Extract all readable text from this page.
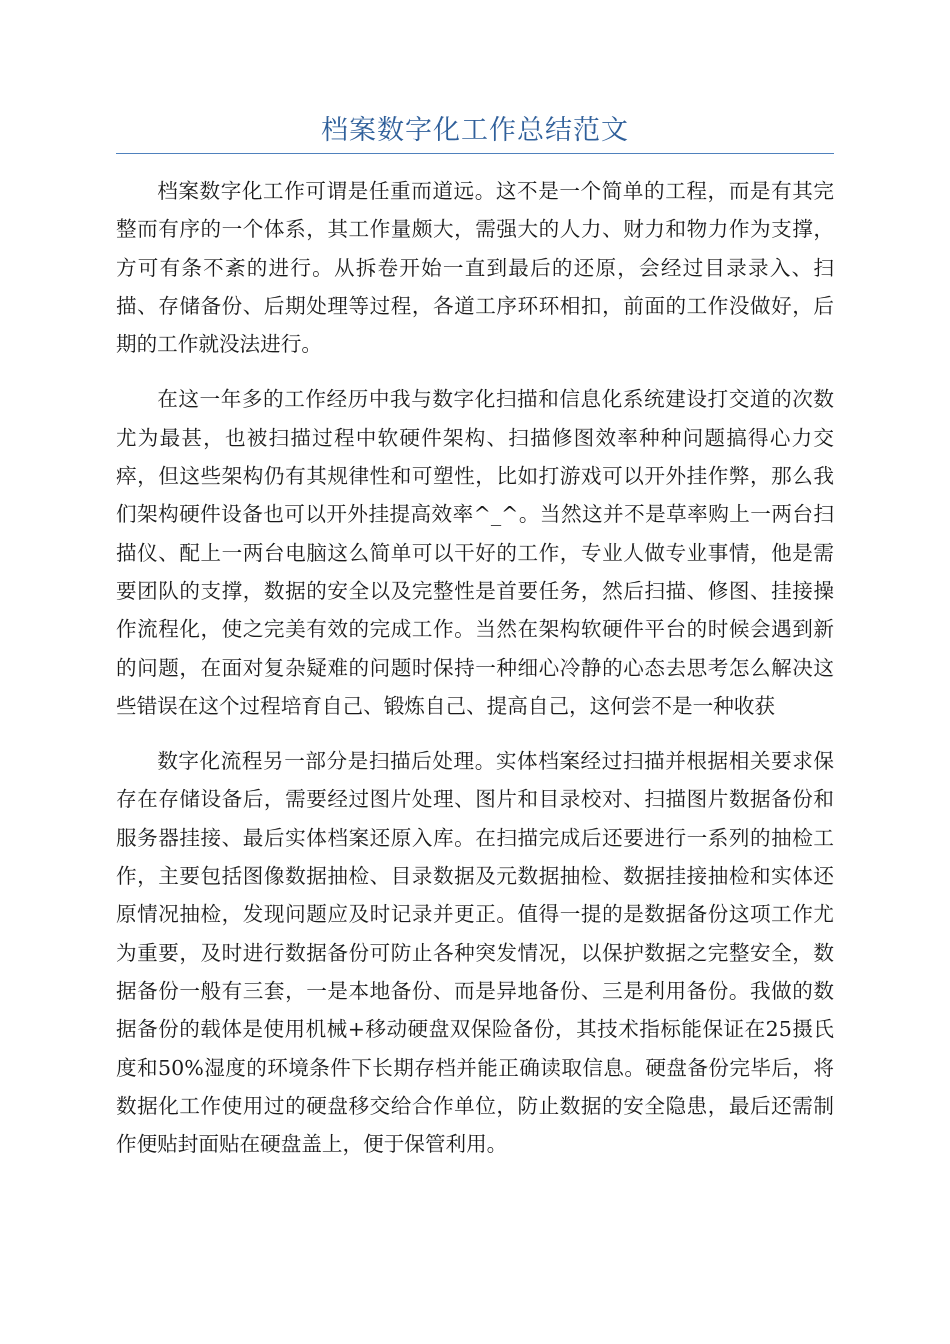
档案数字化工作总结范文

档案数字化工作可谓是任重而道远。这不是一个简单的工程，而是有其完整而有序的一个体系，其工作量颇大，需强大的人力、财力和物力作为支撑，方可有条不紊的进行。从拆卷开始一直到最后的还原，会经过目录录入、扫描、存储备份、后期处理等过程，各道工序环环相扣，前面的工作没做好，后期的工作就没法进行。

在这一年多的工作经历中我与数字化扫描和信息化系统建设打交道的次数尤为最甚，也被扫描过程中软硬件架构、扫描修图效率种种问题搞得心力交瘁，但这些架构仍有其规律性和可塑性，比如打游戏可以开外挂作弊，那么我们架构硬件设备也可以开外挂提高效率^_^。当然这并不是草率购上一两台扫描仪、配上一两台电脑这么简单可以干好的工作，专业人做专业事情，他是需要团队的支撑，数据的安全以及完整性是首要任务，然后扫描、修图、挂接操作流程化，使之完美有效的完成工作。当然在架构软硬件平台的时候会遇到新的问题，在面对复杂疑难的问题时保持一种细心冷静的心态去思考怎么解决这些错误在这个过程培育自己、锻炼自己、提高自己，这何尝不是一种收获

数字化流程另一部分是扫描后处理。实体档案经过扫描并根据相关要求保存在存储设备后，需要经过图片处理、图片和目录校对、扫描图片数据备份和服务器挂接、最后实体档案还原入库。在扫描完成后还要进行一系列的抽检工作，主要包括图像数据抽检、目录数据及元数据抽检、数据挂接抽检和实体还原情况抽检，发现问题应及时记录并更正。值得一提的是数据备份这项工作尤为重要，及时进行数据备份可防止各种突发情况，以保护数据之完整安全，数据备份一般有三套，一是本地备份、而是异地备份、三是利用备份。我做的数据备份的载体是使用机械+移动硬盘双保险备份，其技术指标能保证在25摄氏度和50%湿度的环境条件下长期存档并能正确读取信息。硬盘备份完毕后，将数据化工作使用过的硬盘移交给合作单位，防止数据的安全隐患，最后还需制作便贴封面贴在硬盘盖上，便于保管利用。
